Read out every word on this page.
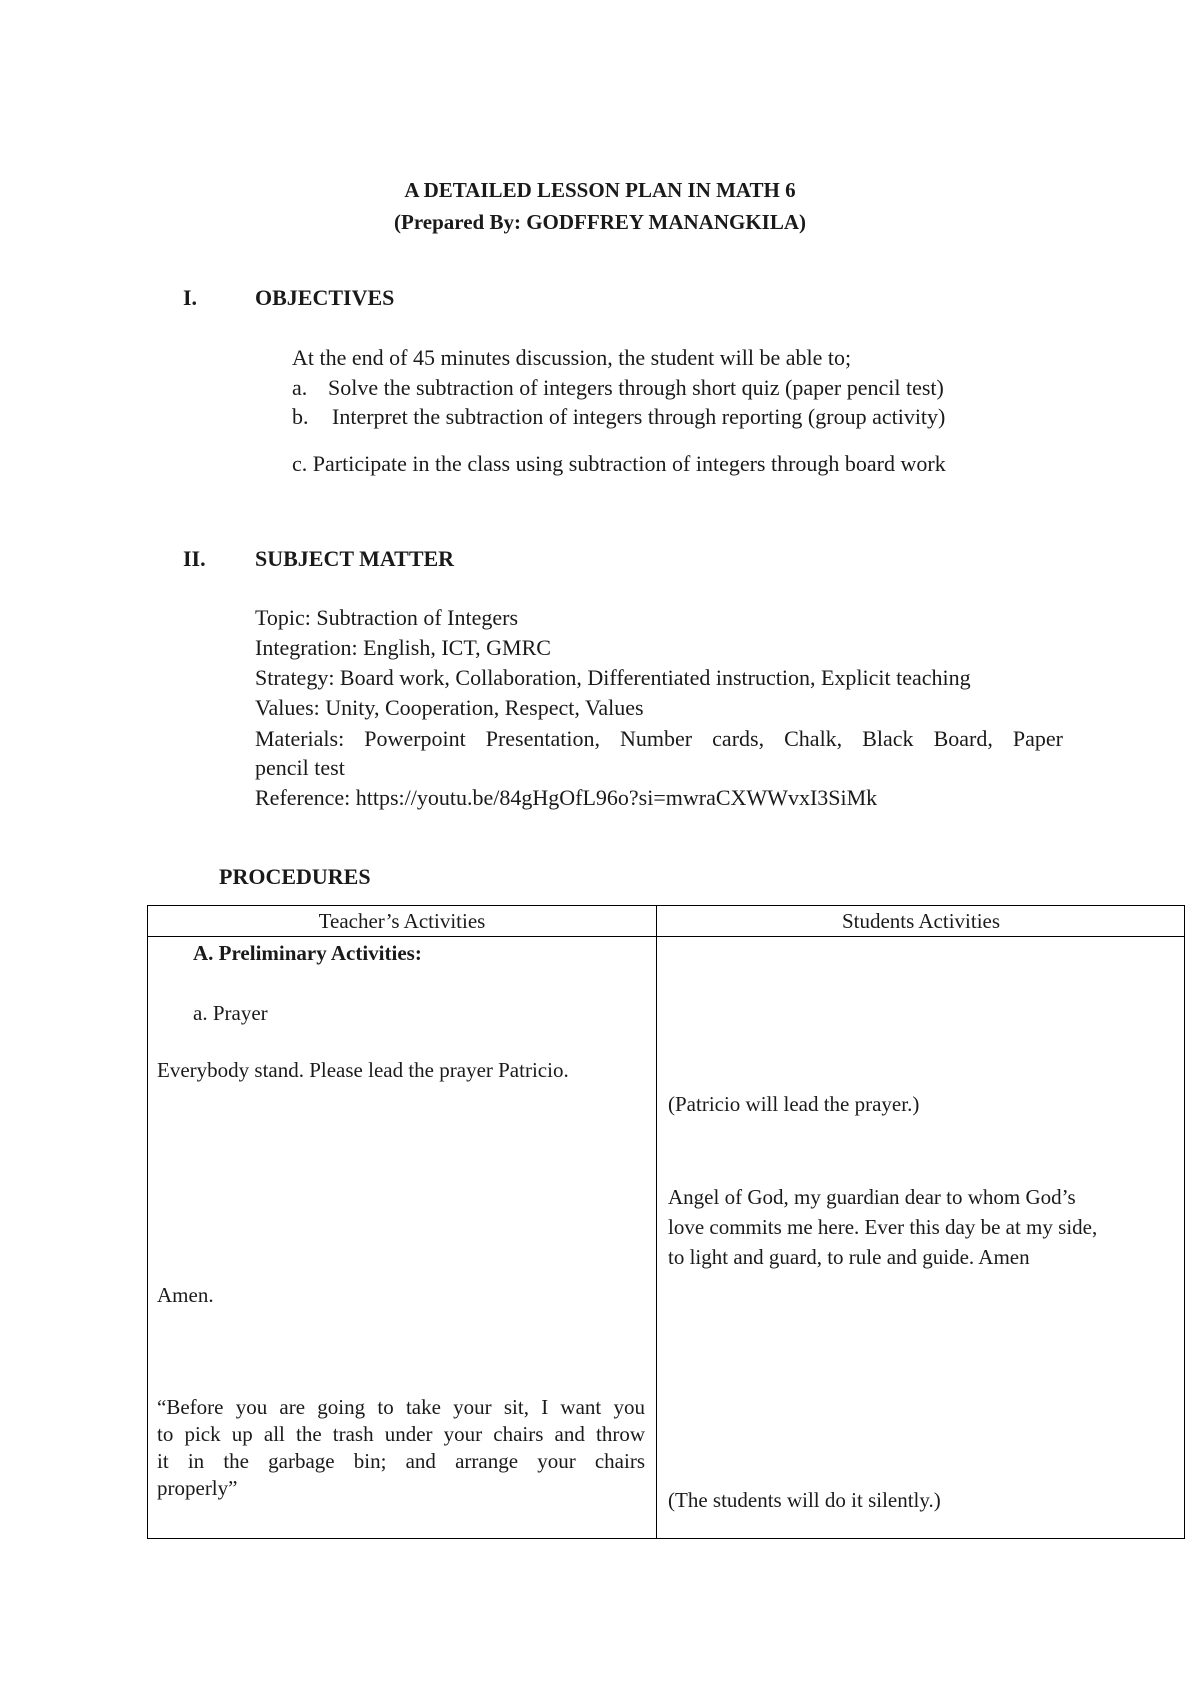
A DETAILED LESSON PLAN IN MATH 6
(Prepared By: GODFFREY MANANGKILA)
I.	OBJECTIVES
At the end of 45 minutes discussion, the student will be able to;
a. Solve the subtraction of integers through short quiz (paper pencil test)
b. Interpret the subtraction of integers through reporting (group activity)
c. Participate in the class using subtraction of integers through board work
II. SUBJECT MATTER
Topic: Subtraction of Integers
Integration: English, ICT, GMRC
Strategy: Board work, Collaboration, Differentiated instruction, Explicit teaching
Values: Unity, Cooperation, Respect, Values
Materials: Powerpoint Presentation, Number cards, Chalk, Black Board, Paper
pencil test
Reference: https://youtu.be/84gHgOfL96o?si=mwraCXWWvxI3SiMk
PROCEDURES
Teacher’s Activities	Students Activities
A. Preliminary Activities:
a. Prayer
Everybody stand. Please lead the prayer Patricio.
Amen.
“Before you are going to take your sit, I want you
to pick up all the trash under your chairs and throw
it in the garbage bin; and arrange your chairs
properly”
(Patricio will lead the prayer.)
Angel of God, my guardian dear to whom God’s
love commits me here. Ever this day be at my side,
to light and guard, to rule and guide. Amen
(The students will do it silently.)
